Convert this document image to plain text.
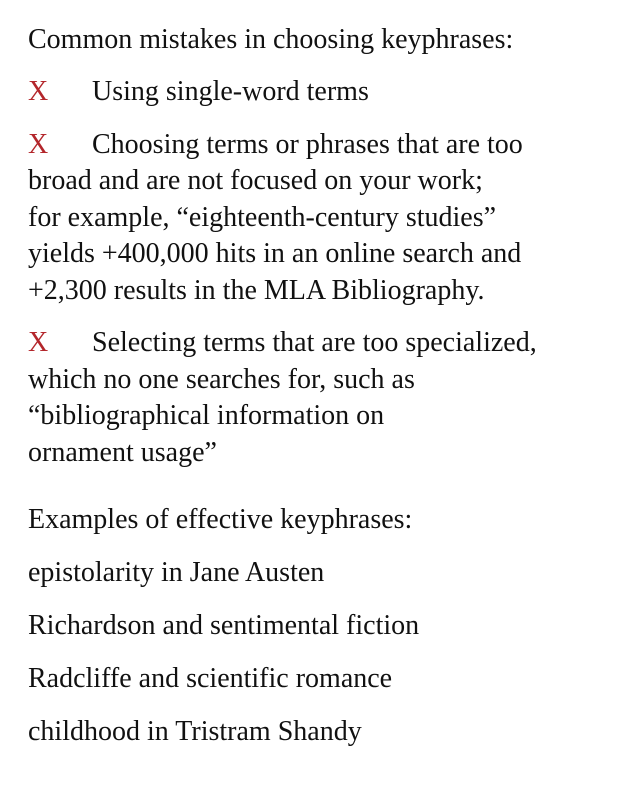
Common mistakes in choosing keyphrases:
X Using single-word terms
X Choosing terms or phrases that are too
broad and are not focused on your work;
for example, “eighteenth-century studies”
yields +400,000 hits in an online search and
+2,300 results in the MLA Bibliography.
X Selecting terms that are too specialized,
which no one searches for, such as
“bibliographical information on
ornament usage”
Examples of effective keyphrases:
epistolarity in Jane Austen
Richardson and sentimental fiction
Radcliffe and scientific romance
childhood in Tristram Shandy
